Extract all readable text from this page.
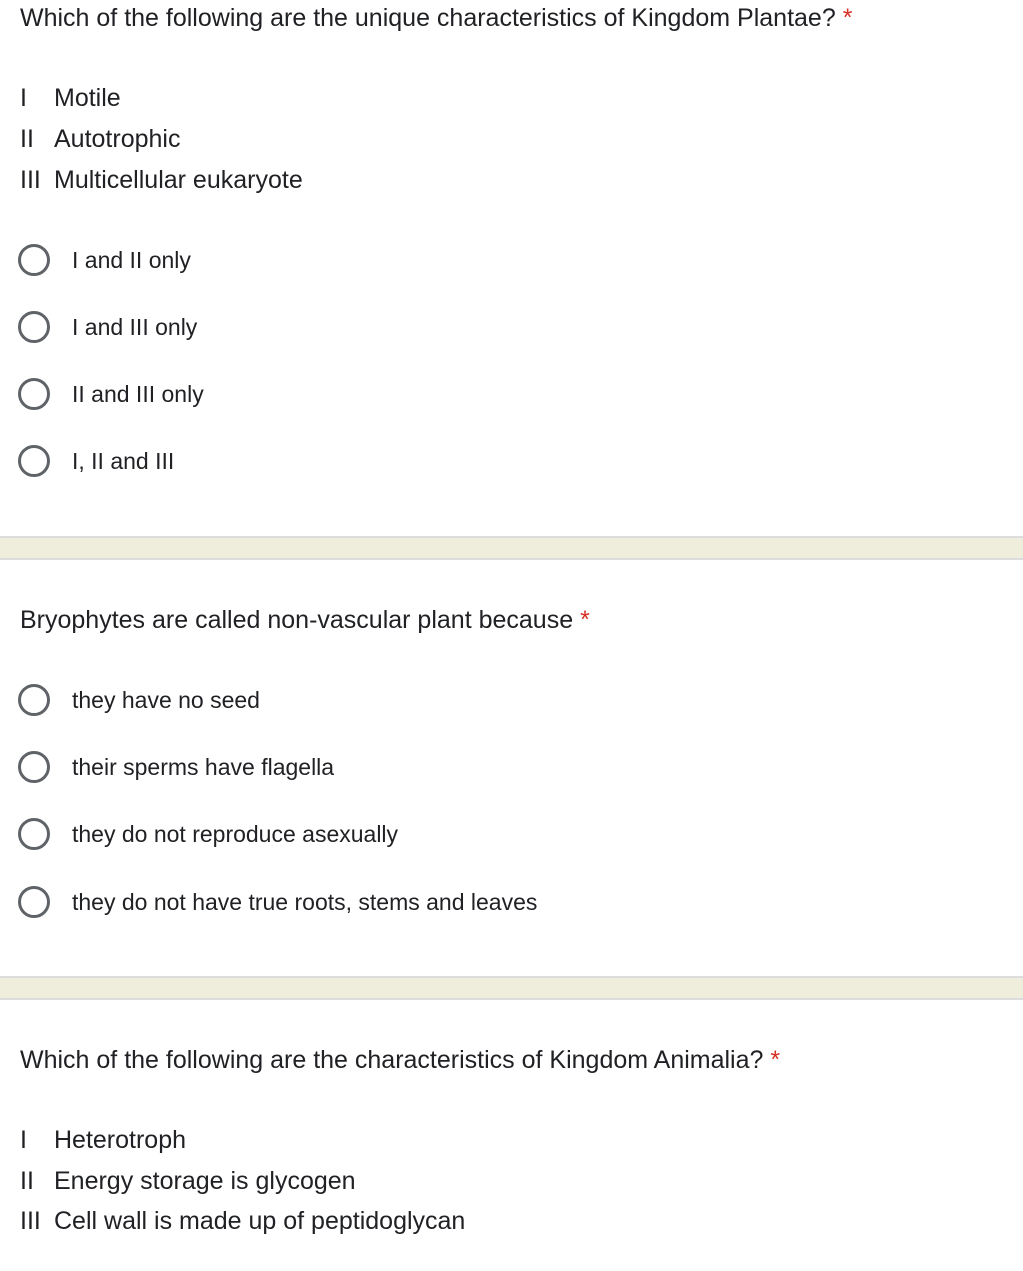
Which of the following are the unique characteristics of Kingdom Plantae? *
I Motile
II Autotrophic
III Multicellular eukaryote
I and II only
I and III only
II and III only
I, II and III
Bryophytes are called non-vascular plant because *
they have no seed
their sperms have flagella
they do not reproduce asexually
they do not have true roots, stems and leaves
Which of the following are the characteristics of Kingdom Animalia? *
I Heterotroph
II Energy storage is glycogen
III Cell wall is made up of peptidoglycan
